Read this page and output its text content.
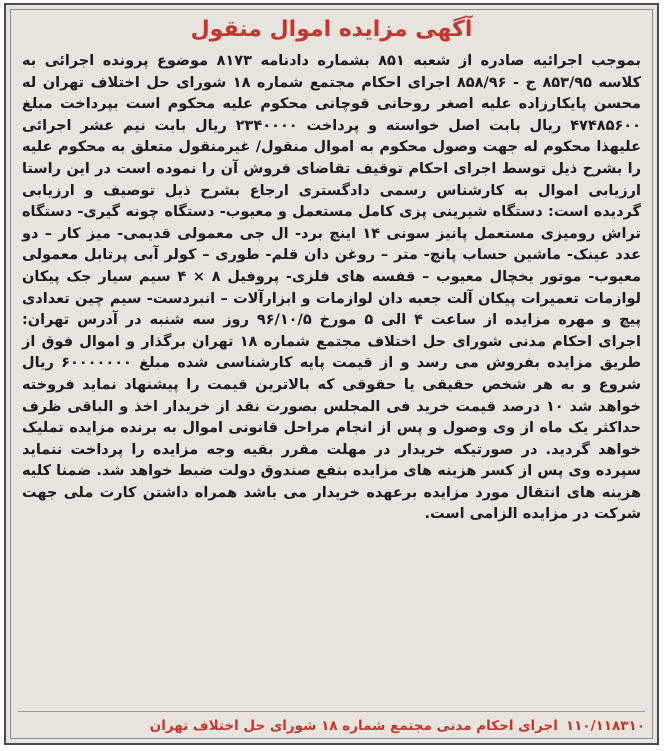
آگهی مزایده اموال منقول
بموجب اجرائیه صادره از شعبه ۸۵۱ بشماره دادنامه ۸۱۷۳ موضوع پرونده اجرائی به کلاسه ۸۵۳/۹۵ ج - ۸۵۸/۹۶ اجرای احکام مجتمع شماره ۱۸ شورای حل اختلاف تهران له محسن پایکارزاده علیه اصغر روحانی قوچانی محکوم علیه محکوم است بپرداخت مبلغ ۴۷۴۸۵۶۰۰ ریال بابت اصل خواسته و پرداخت ۲۳۴۰۰۰۰ ریال بابت نیم عشر اجرائی علیهذا محکوم له جهت وصول محکوم به اموال منقول/ غیرمنقول متعلق به محکوم علیه را بشرح ذیل توسط اجرای احکام توقیف تقاضای فروش آن را نموده است در این راستا ارزیابی اموال به کارشناس رسمی دادگستری ارجاع بشرح ذیل توصیف و ارزیابی گردیده است: دستگاه شیرینی پزی کامل مستعمل و معیوب- دستگاه چونه گیری- دستگاه تراش رومیزی مستعمل پانیز سونی ۱۴ اینچ برد- ال جی معمولی قدیمی- میز کار – دو عدد عینک- ماشین حساب پانچ- متر – روغن دان قلم- طوری – کولر آبی پرتابل معمولی معیوب- موتور یخچال معیوب – قفسه های فلزی- پروفیل ۸ × ۴ سیم سیار جک پیکان لوازمات تعمیرات پیکان آلت جعبه دان لوازمات و ابزارآلات – انبردست- سیم چین تعدادی پیچ و مهره مزایده از ساعت ۴ الی ۵ مورخ ۹۶/۱۰/۵ روز سه شنبه در آدرس تهران: اجرای احکام مدنی شورای حل اختلاف مجتمع شماره ۱۸ تهران برگذار و اموال فوق از طریق مزایده بفروش می رسد و از قیمت پایه کارشناسی شده مبلغ ۶۰۰۰۰۰۰۰ ریال شروع و به هر شخص حقیقی یا حقوقی که بالاترین قیمت را پیشنهاد نماید فروخته خواهد شد ۱۰ درصد قیمت خرید فی المجلس بصورت نقد از خریدار اخذ و الباقی ظرف حداکثر یک ماه از وی وصول و پس از انجام مراحل قانونی اموال به برنده مزایده تملیک خواهد گردید. در صورتیکه خریدار در مهلت مقرر بقیه وجه مزایده را پرداخت ننماید سپرده وی پس از کسر هزینه های مزایده بنفع صندوق دولت ضبط خواهد شد. ضمنا کلیه هزینه های انتقال مورد مزایده برعهده خریدار می باشد همراه داشتن کارت ملی جهت شرکت در مزایده الزامی است.
۱۱۰/۱۱۸۳۱۰اجرای احکام مدنی مجتمع شماره ۱۸ شورای حل اختلاف تهران
